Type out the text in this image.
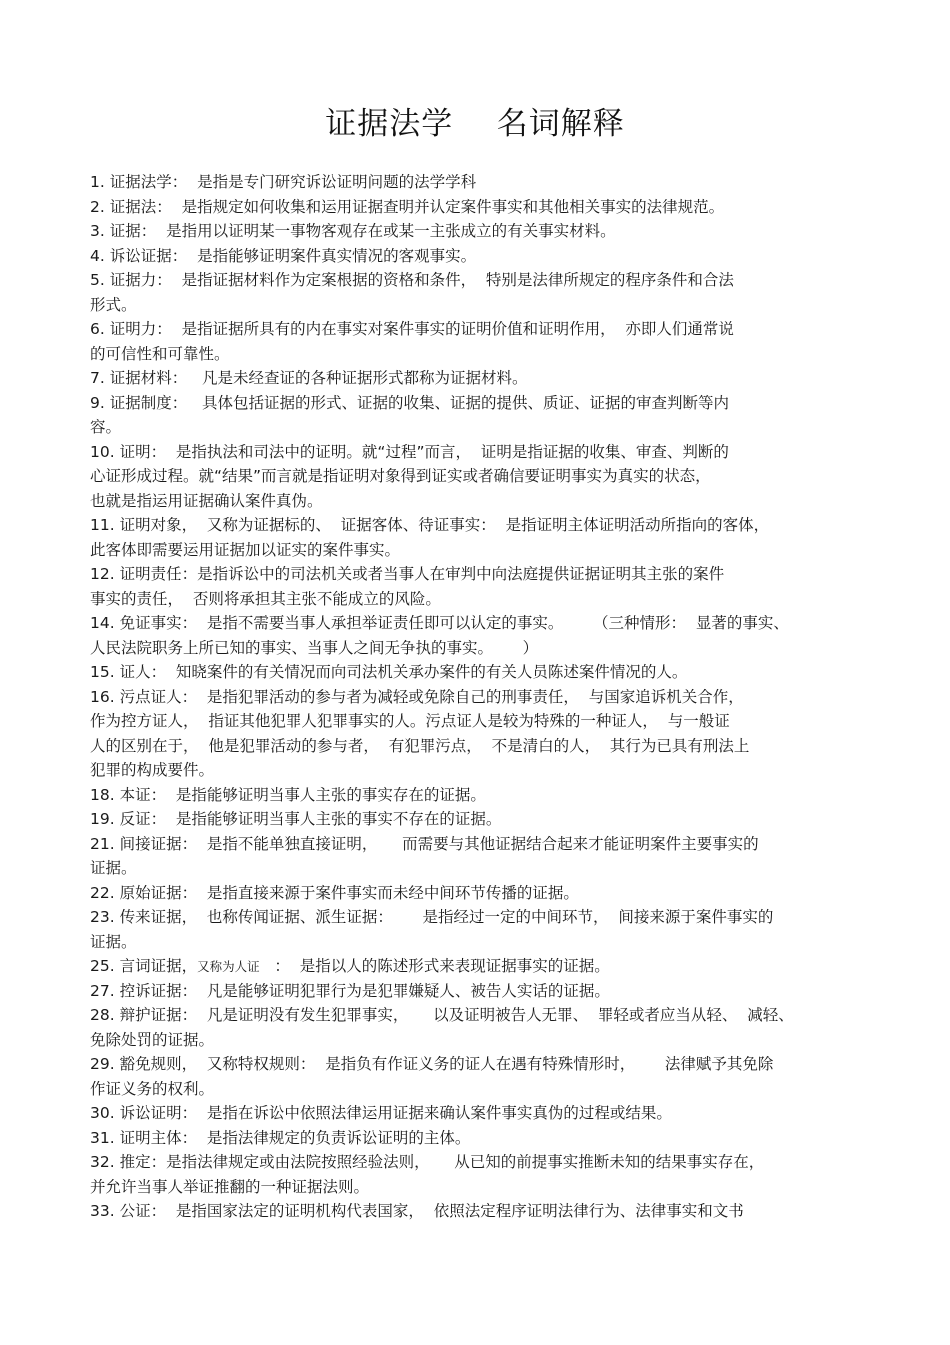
证据法学    名词解释
1. 证据法学：  是指是专门研究诉讼证明问题的法学学科
2. 证据法：  是指规定如何收集和运用证据查明并认定案件事实和其他相关事实的法律规范。
3. 证据：  是指用以证明某一事物客观存在或某一主张成立的有关事实材料。
4. 诉讼证据：  是指能够证明案件真实情况的客观事实。
5. 证据力：  是指证据材料作为定案根据的资格和条件，  特别是法律所规定的程序条件和合法
形式。
6. 证明力：  是指证据所具有的内在事实对案件事实的证明价值和证明作用，  亦即人们通常说
的可信性和可靠性。
7. 证据材料：   凡是未经查证的各种证据形式都称为证据材料。
9. 证据制度：   具体包括证据的形式、证据的收集、证据的提供、质证、证据的审查判断等内
容。
10. 证明：  是指执法和司法中的证明。就“过程”而言，  证明是指证据的收集、审查、判断的
心证形成过程。就“结果”而言就是指证明对象得到证实或者确信要证明事实为真实的状态，
也就是指运用证据确认案件真伪。
11. 证明对象，  又称为证据标的、  证据客体、待证事实：  是指证明主体证明活动所指向的客体，
此客体即需要运用证据加以证实的案件事实。
12. 证明责任：是指诉讼中的司法机关或者当事人在审判中向法庭提供证据证明其主张的案件
事实的责任，  否则将承担其主张不能成立的风险。
14. 免证事实：  是指不需要当事人承担举证责任即可以认定的事实。      （三种情形：  显著的事实、
人民法院职务上所已知的事实、当事人之间无争执的事实。      ）
15. 证人：  知晓案件的有关情况而向司法机关承办案件的有关人员陈述案件情况的人。
16. 污点证人：  是指犯罪活动的参与者为减轻或免除自己的刑事责任，  与国家追诉机关合作，
作为控方证人，  指证其他犯罪人犯罪事实的人。污点证人是较为特殊的一种证人，  与一般证
人的区别在于，  他是犯罪活动的参与者，  有犯罪污点，  不是清白的人，  其行为已具有刑法上
犯罪的构成要件。
18. 本证：  是指能够证明当事人主张的事实存在的证据。
19. 反证：  是指能够证明当事人主张的事实不存在的证据。
21. 间接证据：  是指不能单独直接证明，     而需要与其他证据结合起来才能证明案件主要事实的
证据。
22. 原始证据：  是指直接来源于案件事实而未经中间环节传播的证据。
23. 传来证据，  也称传闻证据、派生证据：      是指经过一定的中间环节，  间接来源于案件事实的
证据。
25. 言词证据，又称为人证   ：  是指以人的陈述形式来表现证据事实的证据。
27. 控诉证据：  凡是能够证明犯罪行为是犯罪嫌疑人、被告人实话的证据。
28. 辩护证据：  凡是证明没有发生犯罪事实，     以及证明被告人无罪、  罪轻或者应当从轻、  减轻、
免除处罚的证据。
29. 豁免规则，  又称特权规则：  是指负有作证义务的证人在遇有特殊情形时，      法律赋予其免除
作证义务的权利。
30. 诉讼证明：  是指在诉讼中依照法律运用证据来确认案件事实真伪的过程或结果。
31. 证明主体：  是指法律规定的负责诉讼证明的主体。
32. 推定：是指法律规定或由法院按照经验法则，     从已知的前提事实推断未知的结果事实存在，
并允许当事人举证推翻的一种证据法则。
33. 公证：  是指国家法定的证明机构代表国家，  依照法定程序证明法律行为、法律事实和文书
